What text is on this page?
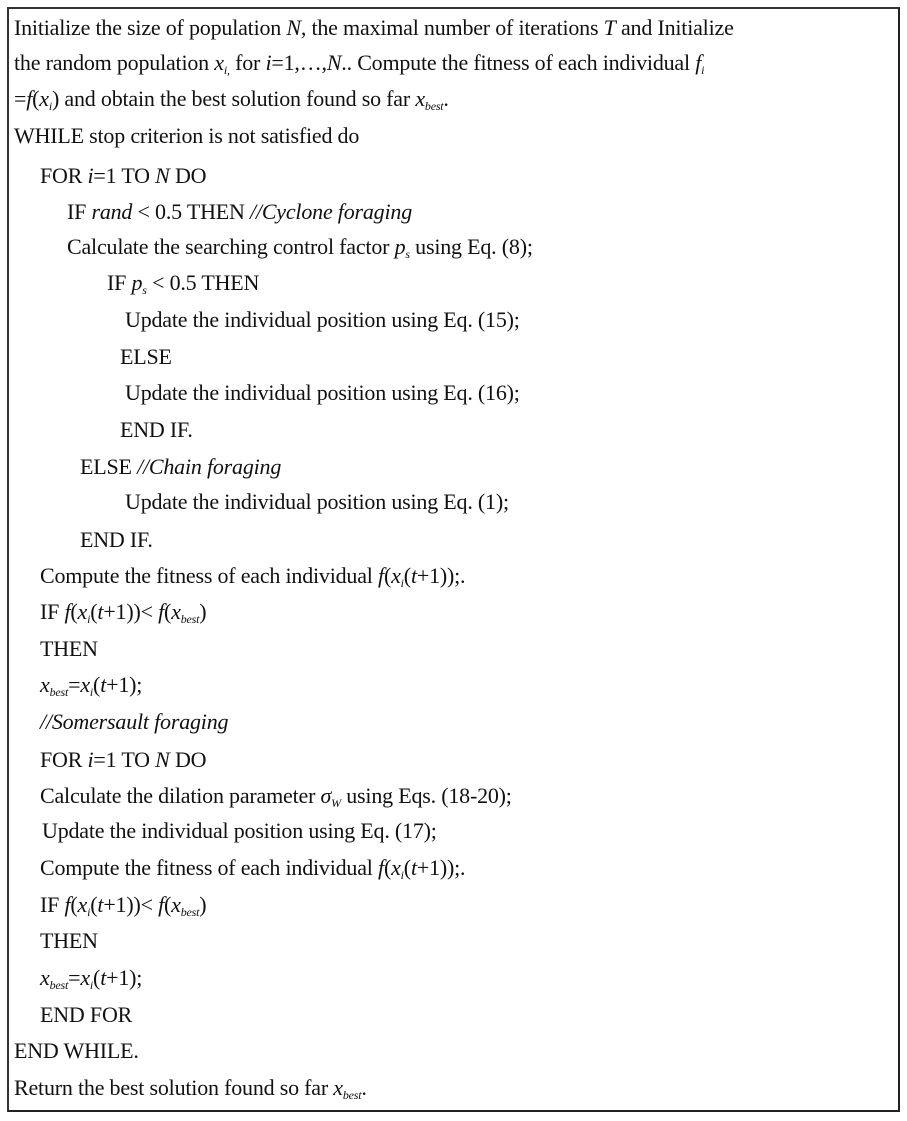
Initialize the size of population N, the maximal number of iterations T and Initialize
the random population $x_{i,}$ for i=1,…,N.. Compute the fitness of each individual $f_i$
$=f(x_i)$ and obtain the best solution found so far $x_{best}$.
WHILE stop criterion is not satisfied do
FOR i=1 TO N DO
IF rand < 0.5 THEN //Cyclone foraging
Calculate the searching control factor $p_s$ using Eq. (8);
IF $p_s < 0.5$ THEN
Update the individual position using Eq. (15);
ELSE
Update the individual position using Eq. (16);
END IF.
ELSE //Chain foraging
Update the individual position using Eq. (1);
END IF.
Compute the fitness of each individual $f(x_i(t+1))$;.
IF $f(x_i(t+1))< f(x_{best})$
THEN
$x_{best}=x_i(t+1)$;
//Somersault foraging
FOR i=1 TO N DO
Calculate the dilation parameter $\sigma_W$ using Eqs. (18-20);
Update the individual position using Eq. (17);
Compute the fitness of each individual $f(x_i(t+1))$;.
IF $f(x_i(t+1))< f(x_{best})$
THEN
$x_{best}=x_i(t+1)$;
END FOR
END WHILE.
Return the best solution found so far $x_{best}$.
